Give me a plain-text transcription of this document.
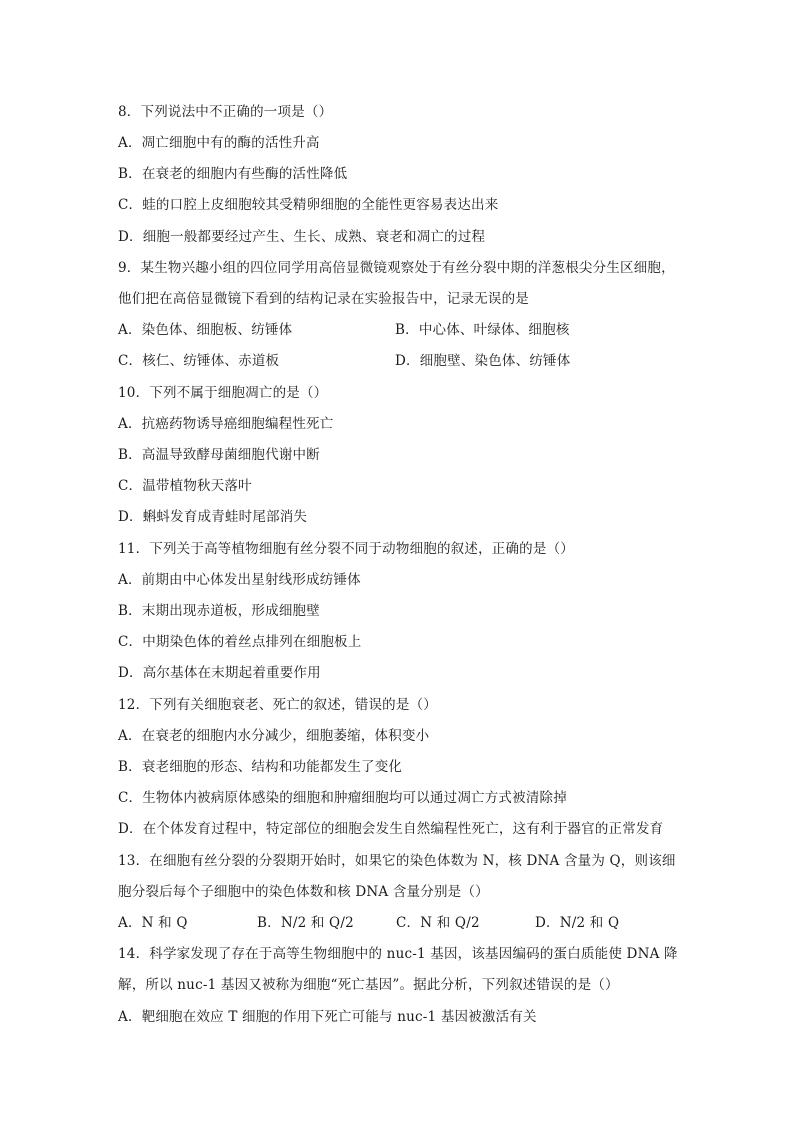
8．下列说法中不正确的一项是（）
A．凋亡细胞中有的酶的活性升高
B．在衰老的细胞内有些酶的活性降低
C．蛙的口腔上皮细胞较其受精卵细胞的全能性更容易表达出来
D．细胞一般都要经过产生、生长、成熟、衰老和凋亡的过程
9．某生物兴趣小组的四位同学用高倍显微镜观察处于有丝分裂中期的洋葱根尖分生区细胞，
他们把在高倍显微镜下看到的结构记录在实验报告中，记录无误的是
A．染色体、细胞板、纺锤体	B．中心体、叶绿体、细胞核
C．核仁、纺锤体、赤道板	D．细胞壁、染色体、纺锤体
10．下列不属于细胞凋亡的是（）
A．抗癌药物诱导癌细胞编程性死亡
B．高温导致酵母菌细胞代谢中断
C．温带植物秋天落叶
D．蝌蚪发育成青蛙时尾部消失
11．下列关于高等植物细胞有丝分裂不同于动物细胞的叙述，正确的是（）
A．前期由中心体发出星射线形成纺锤体
B．末期出现赤道板，形成细胞壁
C．中期染色体的着丝点排列在细胞板上
D．高尔基体在末期起着重要作用
12．下列有关细胞衰老、死亡的叙述，错误的是（）
A．在衰老的细胞内水分减少，细胞萎缩，体积变小
B．衰老细胞的形态、结构和功能都发生了变化
C．生物体内被病原体感染的细胞和肿瘤细胞均可以通过凋亡方式被清除掉
D．在个体发育过程中，特定部位的细胞会发生自然编程性死亡，这有利于器官的正常发育
13．在细胞有丝分裂的分裂期开始时，如果它的染色体数为 N，核 DNA 含量为 Q，则该细
胞分裂后每个子细胞中的染色体数和核 DNA 含量分别是（）
A．N 和 Q	B．N/2 和 Q/2	C．N 和 Q/2	D．N/2 和 Q
14．科学家发现了存在于高等生物细胞中的 nuc-1 基因，该基因编码的蛋白质能使 DNA 降
解，所以 nuc-1 基因又被称为细胞“死亡基因”。据此分析，下列叙述错误的是（）
A．靶细胞在效应 T 细胞的作用下死亡可能与 nuc-1 基因被激活有关
